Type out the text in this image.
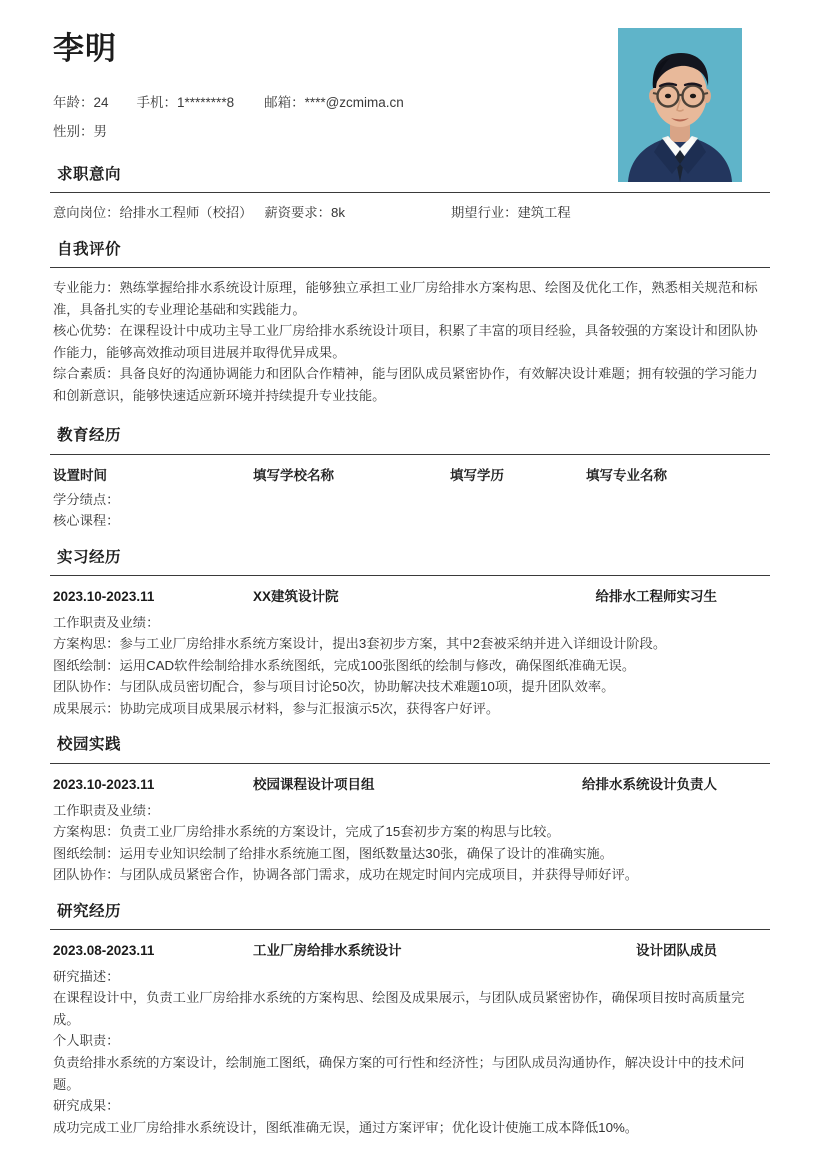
李明
年龄：24 手机：1********8 邮箱：****@zcmima.cn
性别：男
求职意向
意向岗位：给排水工程师（校招） 薪资要求：8k	期望行业：建筑工程
自我评价

专业能力：熟练掌握给排水系统设计原理，能够独立承担工业厂房给排水方案构思、绘图及优化工作，熟悉相关规范和标准，具备扎实的专业理论基础和实践能力。

核心优势：在课程设计中成功主导工业厂房给排水系统设计项目，积累了丰富的项目经验，具备较强的方案设计和团队协作能力，能够高效推动项目进展并取得优异成果。

综合素质：具备良好的沟通协调能力和团队合作精神，能与团队成员紧密协作，有效解决设计难题；拥有较强的学习能力和创新意识，能够快速适应新环境并持续提升专业技能。

教育经历
设置时间	填写学校名称	填写学历	填写专业名称

学分绩点：

核心课程：

实习经历
2023.10-2023.11	XX建筑设计院	给排水工程师实习生

工作职责及业绩：

方案构思：参与工业厂房给排水系统方案设计，提出3套初步方案，其中2套被采纳并进入详细设计阶段。

图纸绘制：运用CAD软件绘制给排水系统图纸，完成100张图纸的绘制与修改，确保图纸准确无误。

团队协作：与团队成员密切配合，参与项目讨论50次，协助解决技术难题10项，提升团队效率。

成果展示：协助完成项目成果展示材料，参与汇报演示5次，获得客户好评。

校园实践
2023.10-2023.11	校园课程设计项目组	给排水系统设计负责人

工作职责及业绩：

方案构思：负责工业厂房给排水系统的方案设计，完成了15套初步方案的构思与比较。

图纸绘制：运用专业知识绘制了给排水系统施工图，图纸数量达30张，确保了设计的准确实施。

团队协作：与团队成员紧密合作，协调各部门需求，成功在规定时间内完成项目，并获得导师好评。

研究经历
2023.08-2023.11	工业厂房给排水系统设计	设计团队成员

研究描述：

在课程设计中，负责工业厂房给排水系统的方案构思、绘图及成果展示，与团队成员紧密协作，确保项目按时高质量完成。

个人职责：

负责给排水系统的方案设计，绘制施工图纸，确保方案的可行性和经济性；与团队成员沟通协作，解决设计中的技术问题。

研究成果：

成功完成工业厂房给排水系统设计，图纸准确无误，通过方案评审；优化设计使施工成本降低10%。
